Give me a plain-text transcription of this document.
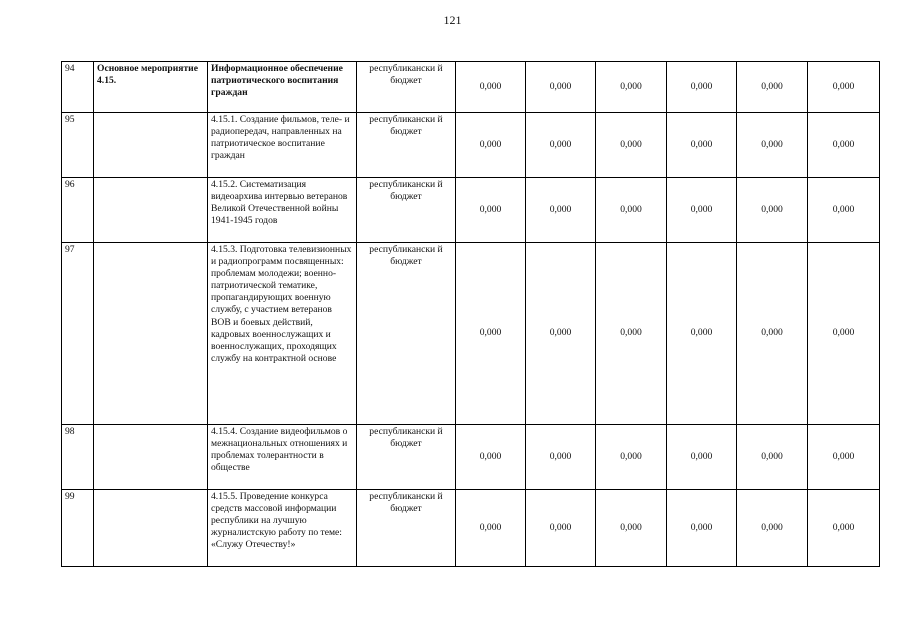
121
94	Основное мероприятие 4.15.	Информационное обеспечение патриотического воспитания граждан	республикански й бюджет	0,000	0,000	0,000	0,000	0,000	0,000
95		4.15.1. Создание фильмов, теле- и радиопередач, направленных на патриотическое воспитание граждан	республикански й бюджет	0,000	0,000	0,000	0,000	0,000	0,000
96		4.15.2. Систематизация видеоархива интервью ветеранов Великой Отечественной войны 1941-1945 годов	республикански й бюджет	0,000	0,000	0,000	0,000	0,000	0,000
97		4.15.3. Подготовка телевизионных и радиопрограмм посвященных: проблемам молодежи; военно-патриотической тематике, пропагандирующих военную службу, с участием ветеранов ВОВ и боевых действий, кадровых военнослужащих и военнослужащих, проходящих службу на контрактной основе	республикански й бюджет	0,000	0,000	0,000	0,000	0,000	0,000
98		4.15.4. Создание видеофильмов о межнациональных отношениях и проблемах толерантности в обществе	республикански й бюджет	0,000	0,000	0,000	0,000	0,000	0,000
99		4.15.5. Проведение конкурса средств массовой информации республики на лучшую журналистскую работу по теме: «Служу Отечеству!»	республикански й бюджет	0,000	0,000	0,000	0,000	0,000	0,000
